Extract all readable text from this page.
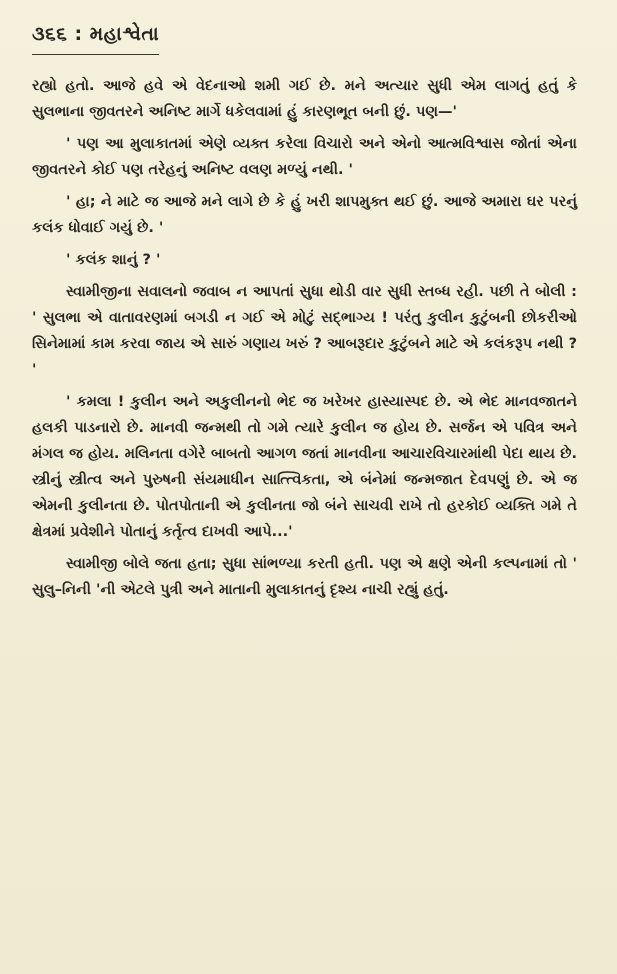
૩૬૬ : મહાશ્વેતા

રહ્યો હતો. આજે હવે એ વેદનાઓ શમી ગઈ છે. મને અત્યાર સુધી એમ લાગતું હતું કે સુલભાના જીવતરને અનિષ્ટ માર્ગે ધકેલવામાં હું કારણભૂત બની છું. પણ—'

' પણ આ મુલાકાતમાં એણે વ્યક્ત કરેલા વિચારો અને એનો આત્મવિશ્વાસ જોતાં એના જીવતરને કોઈ પણ તરેહનું અનિષ્ટ વલણ મળ્યું નથી. '

' હા; ને માટે જ આજે મને લાગે છે કે હું ખરી શાપમુક્ત થઈ છું. આજે અમારા ઘર પરનું કલંક ધોવાઈ ગયું છે. '

' કલંક શાનું ? '

સ્વામીજીના સવાલનો જવાબ ન આપતાં સુધા થોડી વાર સુધી સ્તબ્ધ રહી. પછી તે બોલી : ' સુલભા એ વાતાવરણમાં બગડી ન ગઈ એ મોટું સદ્ભાગ્ય ! પરંતુ કુલીન કુટુંબની છોકરીઓ સિનેમામાં કામ કરવા જાય એ સારું ગણાય ખરું ? આબરૂદાર કુટુંબને માટે એ કલંકરૂપ નથી ? '

' કમલા ! કુલીન અને અકુલીનનો ભેદ જ ખરેખર હાસ્યાસ્પદ છે. એ ભેદ માનવજાતને હલકી પાડનારો છે. માનવી જન્મથી તો ગમે ત્યારે કુલીન જ હોય છે. સર્જન એ પવિત્ર અને મંગલ જ હોય. મલિનતા વગેરે બાબતો આગળ જતાં માનવીના આચારવિચારમાંથી પેદા થાય છે. સ્ત્રીનું સ્ત્રીત્વ અને પુરુષની સંયમાધીન સાત્ત્વિકતા, એ બંનેમાં જન્મજાત દેવપણું છે. એ જ એમની કુલીનતા છે. પોતપોતાની એ કુલીનતા જો બંને સાચવી રાખે તો હરકોઈ વ્યક્તિ ગમે તે ક્ષેત્રમાં પ્રવેશીને પોતાનું કર્તૃત્વ દાખવી આપે...'

સ્વામીજી બોલે જતા હતા; સુધા સાંભળ્યા કરતી હતી. પણ એ ક્ષણે એની કલ્પનામાં તો ' સુલુ–નિની 'ની એટલે પુત્રી અને માતાની મુલાકાતનું દૃશ્ય નાચી રહ્યું હતું.
